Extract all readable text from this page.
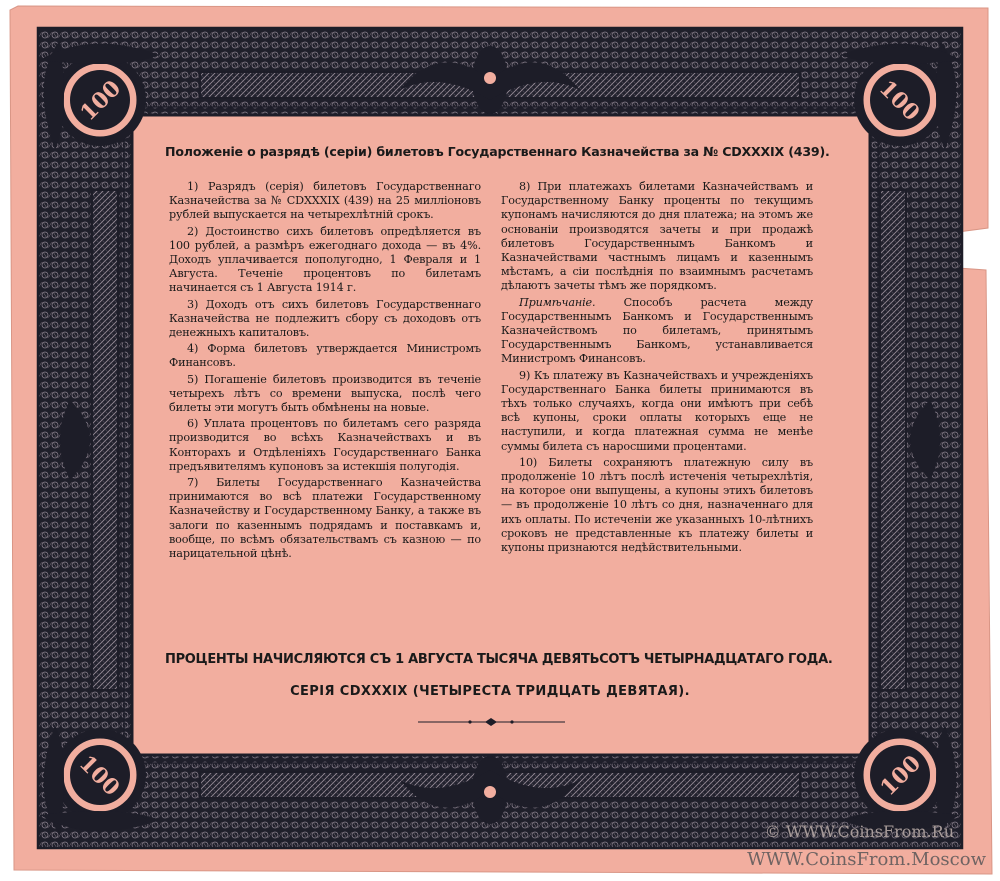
100	100
100	100
Положенiе о разрядѣ (серiи) билетовъ Государственнаго Казначейства за № CDXXXIX (439).

1) Разрядъ (серiя) билетовъ Государственнаго Казначейства за № CDXXXIX (439) на 25 миллiоновъ рублей выпускается на четырехлѣтнiй срокъ.

2) Достоинство сихъ билетовъ опредѣляется въ 100 рублей, а размѣръ ежегоднаго дохода — въ 4%. Доходъ уплачивается пополугодно, 1 Февраля и 1 Августа. Теченiе процентовъ по билетамъ начинается съ 1 Августа 1914 г.

3) Доходъ отъ сихъ билетовъ Государственнаго Казначейства не подлежитъ сбору съ доходовъ отъ денежныхъ капиталовъ.

4) Форма билетовъ утверждается Министромъ Финансовъ.

5) Погашенiе билетовъ производится въ теченiе четырехъ лѣтъ со времени выпуска, послѣ чего билеты эти могутъ быть обмѣнены на новые.

6) Уплата процентовъ по билетамъ сего разряда производится во всѣхъ Казначействахъ и въ Конторахъ и Отдѣленiяхъ Государственнаго Банка предъявителямъ купоновъ за истекшiя полугодiя.

7) Билеты Государственнаго Казначейства принимаются во всѣ платежи Государственному Казначейству и Государственному Банку, а также въ залоги по казеннымъ подрядамъ и поставкамъ и, вообще, по всѣмъ обязательствамъ съ казною — по нарицательной цѣнѣ.

8) При платежахъ билетами Казначействамъ и Государственному Банку проценты по текущимъ купонамъ начисляются до дня платежа; на этомъ же основанiи производятся зачеты и при продажѣ билетовъ Государственнымъ Банкомъ и Казначействами частнымъ лицамъ и казеннымъ мѣстамъ, а сiи послѣднiя по взаимнымъ расчетамъ дѣлаютъ зачеты тѣмъ же порядкомъ.

Примѣчанiе. Способъ расчета между Государственнымъ Банкомъ и Государственнымъ Казначействомъ по билетамъ, принятымъ Государственнымъ Банкомъ, устанавливается Министромъ Финансовъ.

9) Къ платежу въ Казначействахъ и учрежденiяхъ Государственнаго Банка билеты принимаются въ тѣхъ только случаяхъ, когда они имѣютъ при себѣ всѣ купоны, сроки оплаты которыхъ еще не наступили, и когда платежная сумма не менѣе суммы билета съ наросшими процентами.

10) Билеты сохраняютъ платежную силу въ продолженiе 10 лѣтъ послѣ истеченiя четырехлѣтiя, на которое они выпущены, а купоны этихъ билетовъ — въ продолженiе 10 лѣтъ со дня, назначеннаго для ихъ оплаты. По истеченiи же указанныхъ 10-лѣтнихъ сроковъ не представленные къ платежу билеты и купоны признаются недѣйствительными.

ПРОЦЕНТЫ НАЧИСЛЯЮТСЯ СЪ 1 АВГУСТА ТЫСЯЧА ДЕВЯТЬСОТЪ ЧЕТЫРНАДЦАТАГО ГОДА.
СЕРIЯ CDXXXIX (ЧЕТЫРЕСТА ТРИДЦАТЬ ДЕВЯТАЯ).
© WWW.CoinsFrom.Ru
WWW.CoinsFrom.Moscow
